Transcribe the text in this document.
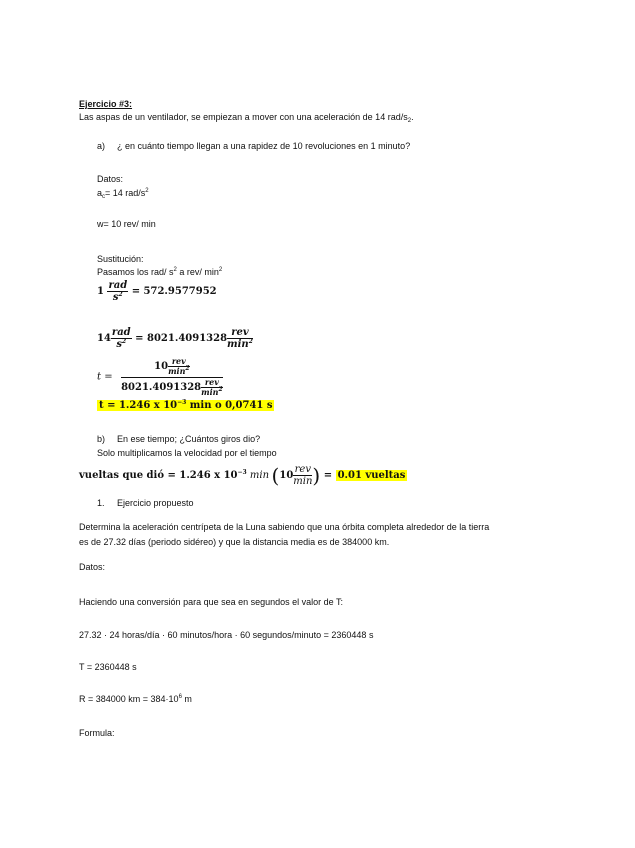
Ejercicio #3:
Las aspas de un ventilador, se empiezan a mover con una aceleración de 14 rad/$s_2$.
a) ¿ en cuánto tiempo llegan a una rapidez de 10 revoluciones en 1 minuto?
Datos:
$a_c= 14$ rad/$s^2$
w= 10 rev/ min
Sustitución:
Pasamos los rad/ $s^2$ a rev/ $\min^2$
$1 \frac{\text{rad}}{s^2} = 572.9577952$
$14 \frac{\text{rad}}{s^2} = 8021.4091328 \frac{\text{rev}}{\min^2}$
$t = \frac{10 \frac{\text{rev}}{\min^2}}{8021.4091328 \frac{\text{rev}}{\min^2}}$
t = 1.246 x $10^{-3}$ min o 0,0741 s
b) En ese tiempo; ¿Cuántos giros dio?
Solo multiplicamos la velocidad por el tiempo
vueltas que dió = 1.246 x $10^{-3}$ $\min (10 \frac{\text{rev}}{\min}$ ) = 0.01 vueltas
1. Ejercicio propuesto
Determina la aceleración centrípeta de la Luna sabiendo que una órbita completa alrededor de la tierra
es de 27.32 días (periodo sidéreo) y que la distancia media es de 384000 km.
Datos:
Haciendo una conversión para que sea en segundos el valor de T:
27.32 · 24 horas/día · 60 minutos/hora · 60 segundos/minuto = 2360448 s
T = 2360448 s
R = 384000 km = $384\cdot 10^6$ m
Formula:
